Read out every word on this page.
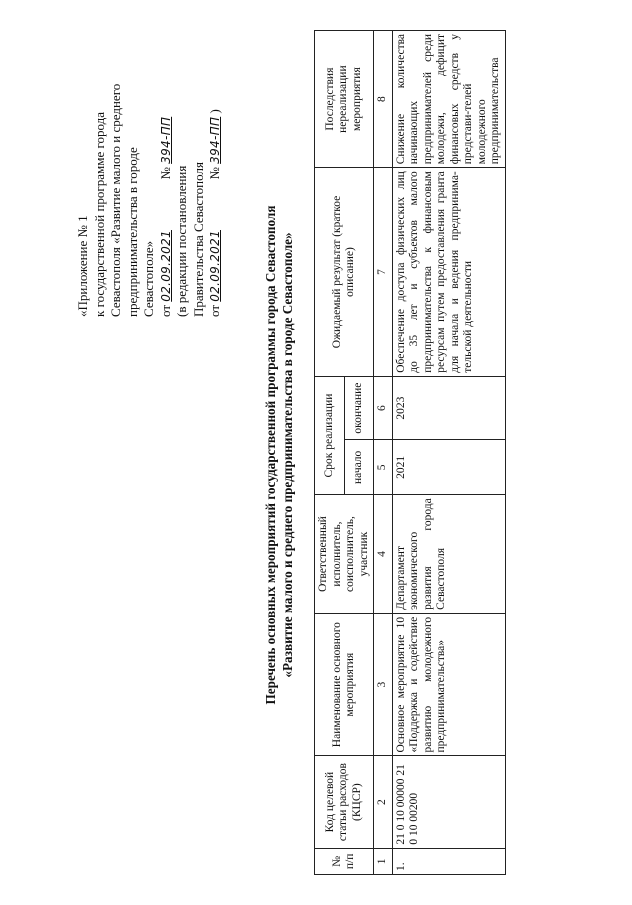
«Приложение № 1 к государственной программе города Севастополя «Развитие малого и среднего предпринимательства в городе Севастополе» от 02.09.2021  № 394-ПП
(в редакции постановления Правительства Севастополя от 02.09.2021  № 394-ПП )
Перечень основных мероприятий государственной программы города Севастополя «Развитие малого и среднего предпринимательства в городе Севастополе»
№ п/п	Код целевой статьи расходов (КЦСР)	Наименование основного мероприятия	Ответственный исполнитель, соисполнитель, участник	Срок реализации		Ожидаемый результат (краткое описание)	Последствия нереализации мероприятия
				начало	окончание		
1	2	3	4	5	6	7	8
1.	21 0 10 00000 21 0 10 00200	Основное мероприятие 10 «Поддержка и содействие развитию молодежного предпринимательства»	Департамент экономического развития города Севастополя	2021	2023	Обеспечение доступа физических лиц до 35 лет и субъектов малого предпринимательства к финансовым ресурсам путем предоставления гранта для начала и ведения предпринима-тельской деятельности	Снижение количества начинающих предпринимателей среди молодежи, дефицит финансовых средств у представи-телей молодежного предпринимательства
